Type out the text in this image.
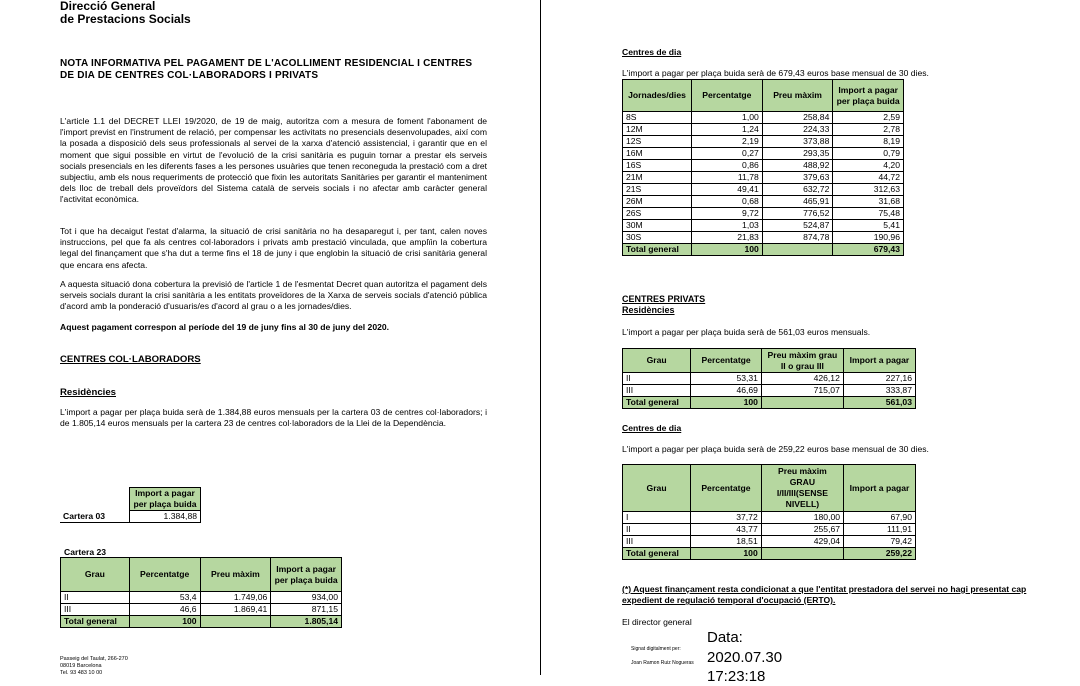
Direcció General
de Prestacions Socials
NOTA INFORMATIVA PEL PAGAMENT DE L'ACOLLIMENT RESIDENCIAL I CENTRES
DE DIA DE CENTRES COL·LABORADORS I PRIVATS
L'article 1.1 del DECRET LLEI 19/2020, de 19 de maig, autoritza com a mesura de foment l'abonament de l'import previst en l'instrument de relació, per compensar les activitats no presencials desenvolupades, així com la posada a disposició dels seus professionals al servei de la xarxa d'atenció assistencial, i garantir que en el moment que sigui possible en virtut de l'evolució de la crisi sanitària es puguin tornar a prestar els serveis socials presencials en les diferents fases a les persones usuàries que tenen reconeguda la prestació com a dret subjectiu, amb els nous requeriments de protecció que fixin les autoritats Sanitàries per garantir el manteniment dels lloc de treball dels proveïdors del Sistema català de serveis socials i no afectar amb caràcter general l'activitat econòmica.
Tot i que ha decaigut l'estat d'alarma, la situació de crisi sanitària no ha desaparegut i, per tant, calen noves instruccions, pel que fa als centres col·laboradors i privats amb prestació vinculada, que amplïin la cobertura legal del finançament que s'ha dut a terme fins el 18 de juny i que englobin la situació de crisi sanitària general que encara ens afecta.
A aquesta situació dona cobertura la previsió de l'article 1 de l'esmentat Decret quan autoritza el pagament dels serveis socials durant la crisi sanitària a les entitats proveïdores de la Xarxa de serveis socials d'atenció pública d'acord amb la ponderació d'usuaris/es d'acord al grau o a les jornades/dies.
Aquest pagament correspon al període del 19 de juny fins al 30 de juny del 2020.
CENTRES COL·LABORADORS
Residències
L'import a pagar per plaça buida serà de 1.384,88 euros mensuals per la cartera 03 de centres col·laboradors; i de 1.805,14 euros mensuals per la cartera 23 de centres col·laboradors de la Llei de la Dependència.
	Import a pagar per plaça buida
Cartera 03	1.384,88
Cartera 23
Grau	Percentatge	Preu màxim	Import a pagar per plaça buida
II	53,4	1.749,06	934,00
III	46,6	1.869,41	871,15
Total general	100		1.805,14
Passeig del Taulat, 266-270
08019 Barcelona
Tel. 93 483 10 00
Centres de dia
L'import a pagar per plaça buida serà de 679,43 euros base mensual de 30 dies.
Jornades/dies	Percentatge	Preu màxim	Import a pagar per plaça buida
8S	1,00	258,84	2,59
12M	1,24	224,33	2,78
12S	2,19	373,88	8,19
16M	0,27	293,35	0,79
16S	0,86	488,92	4,20
21M	11,78	379,63	44,72
21S	49,41	632,72	312,63
26M	0,68	465,91	31,68
26S	9,72	776,52	75,48
30M	1,03	524,87	5,41
30S	21,83	874,78	190,96
Total general	100		679,43
CENTRES PRIVATS
Residències
L'import a pagar per plaça buida serà de 561,03 euros mensuals.
Grau	Percentatge	Preu màxim grau II o grau III	Import a pagar
II	53,31	426,12	227,16
III	46,69	715,07	333,87
Total general	100		561,03
Centres de dia
L'import a pagar per plaça buida serà de 259,22 euros base mensual de 30 dies.
Grau	Percentatge	Preu màxim GRAU I/II/III(SENSE NIVELL)	Import a pagar
I	37,72	180,00	67,90
II	43,77	255,67	111,91
III	18,51	429,04	79,42
Total general	100		259,22
(*) Aquest finançament resta condicionat a que l'entitat prestadora del servei no hagi presentat cap expedient de regulació temporal d'ocupació (ERTO).
El director general
Signat digitalment per:
Joan Ramon Ruiz Nogueras
Data:
2020.07.30
17:23:18
